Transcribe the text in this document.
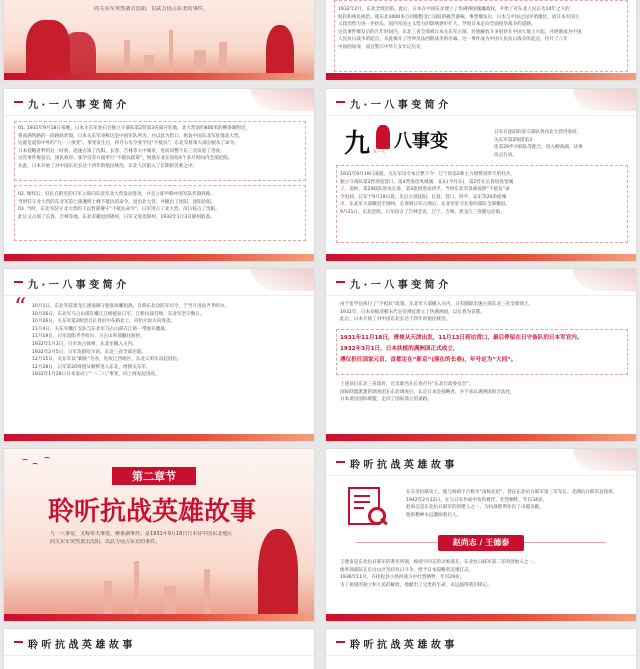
的关东军突然袭击沈阳，以武力侵占东北的事件。	1932年2月，东北全境沦陷。此后，日本在中国东北建立了伪满洲国傀儡政权，开始了对东北人民长达14年之久的
奴役和殖民统治。使东北3000多万同胞饱受亡国奴的痛苦滋味。事变爆发后，日本与中国之间矛盾激化，而日本军国主
义政治势力进一步抬头，国内军国主义势力的影响逐步扩大，导致日本走向全面侵华战争的道路。
这次事件爆发后的几年时间内，东北三省全部被日本关东军占领，民族解放斗争很快在中国大地上兴起，并逐渐成为中国
人民抗日战争的起点，从此揭开了世界反法西斯战争的序幕。这一事件成为中国人民抗日战争的起点，拉开了八年
中国的屈辱，而且警示中华儿女牢记历史
九 · 一 八 事 变 简 介
01. 1931年9月18日夜晚，日本关东军虎石台独立守备队第2营第3连离开驻地，北大营南约800米的柳条湖附近，
将南满铁路的一段路轨炸毁，日本关东军诬称这是中国军队所为，并以此为借口，炮轰中国东北军驻地北大营。
这就是震惊中外的“九一八事变”。事变发生后，蒋介石电令张学良“不抵抗”，东北军将领大部分服从了命令。
日本侵略者利用这一时机，迅速占领了沈阳、长春、吉林等大中城市，进而向整个东三省发起了进攻。
这次事件爆发后，国民政府、张学良等方面奉行“不抵抗政策”，致使东北在短短4个多月时间内全部沦陷。
从此，日本开始了对中国东北长达十四年的殖民统治，东北人民陷入了长期的苦难之中。
02. 爆炸后，驻扎在附近的日军立即向东北军北大营发动进攻，并且立即声称中国军队炸毁铁路，
当时驻守北大营的东北军第七旅遵照上峰不抵抗的命令，退出北大营，并撤出了沈阳，沈阳沦陷。
03. 当时，东北军驻守北大营的王以哲部遵守“不抵抗命令”，日军进占了北大营。次日侵占了沈阳。
此后又占领了长春、吉林等地，东北军撤退到锦州，日军又进攻锦州，1932年1月3日锦州陷落。
九 · 一 八 事 变 简 介
九 九一八 八事变	日军在沈阳的驻守部队各向北大营进发时，
关东军第2师团第3
连第29步兵联队等配合，进入柳条湖，从事
攻击行动。
1931年9月19日凌晨，关东军司令本庄繁下令：辽宁的第2师主力增援到奉天的杜兵，
独立守备队第3营进攻营口、第4营进攻凤凰城、安东(今丹东)，第2营在长春进攻宽城
子、南岭，第29联队进攻长春，第3旅团进攻四平。当时东北军各部按照“不抵抗”命
令退却。日军于9月19日晨，先后占领沈阳、长春、营口、四平、安东等20余座城
市，东北军大部撤退至锦州，长春被日军占领后，东北军驻守长春的部队全部撤退。
9月21日，东北沦陷，日军侵占了吉林全省，辽宁、吉林、黑龙江三省随后沦陷。
九 · 一 八 事 变 简 介
“ 10月1日，东北军驻黑龙江洮南镇守使张海鹏投敌，自称东北边防军司令，于当月进攻齐齐哈尔。
10月16日，东北军马占山部在嫩江江桥抵抗日军，江桥抗战打响，东北军坚守数日。
10月26日，关东军第2师团自长春沿中东路北上，向哈尔滨方向进攻。
11月4日，关东军嫩江支队与东北军马占山部在江桥一带展开激战。
11月19日，日军攻陷齐齐哈尔，马占山率部撤往海伦。
1932年1月3日，日军攻占锦州，东北军撤入关内。
1932年2月5日，日军攻陷哈尔滨，东北三省全部沦陷。
12月15日，关东军以“剿匪”为名，进攻辽西地区，东北义勇军奋起抵抗。
12月28日，日军第20师团从朝鲜进入东北，增援关东军。
1932年1月28日日本发动了“一·二八”事变，向上海发起进攻。
九 · 一 八 事 变 简 介
由于张学良执行了“不抵抗”政策，东北军大部撤入关内，日军随即迅速占领东北三省全部领土。
1932年，日本扶植清朝末代皇帝溥仪建立了伪满洲国，以长春为首都。
此后，日本开始了对中国东北长达十四年的殖民统治。
1931年11月18日，滑坡从天津出发，11月13日到达营口，最后停留在日守备队的日本军官内。
1932年3月1日，日本扶植的满洲国正式成立，
溥仪担任国家元首，首都定在“新京”(现在的长春)，年号定为“大同”。
上述前后东北三省政府，官员联名在长春召开“东北行政委员会”。
国际联盟派遣的调查团在东北调查后，认定日本是侵略者，并不承认满洲国的合法性，
日本退出国际联盟，走向了国际孤立的道路。
第二章节
聆听抗战英雄故事
九一八事变，又称奉天事变、柳条湖事件。是1931年9月18日日本驻中国东北地区
的关东军突然袭击沈阳，以武力侵占东北的事件。
聆 听 抗 战 英 雄 故 事
在东北抗联史上，他与杨靖宇合称为“南杨北赵”，曾任东北抗日联军第三军军长、北满抗日联军总指挥。
1942年2月12日，在与日军作战中负伤被俘，壮烈牺牲，年仅34岁。
赵尚志是东北抗日联军的创建人之一，为抗战胜利作出了卓越贡献。
他的精神永远激励着后人。
赵尚志 / 王德泰
王德泰是东北抗日联军的著名将领，杨靖宇同志的亲密战友，东北抗日联军第二军的创始人之一。
他率领部队在长白山区坚持抗日斗争，给予日本侵略者沉重打击。
1936年11月，在抚松县小汤河战斗中壮烈牺牲，年仅29岁。
为了祖国的独立和人民的解放，他献出了宝贵的生命，永远值得我们铭记。
聆 听 抗 战 英 雄 故 事	聆 听 抗 战 英 雄 故 事
